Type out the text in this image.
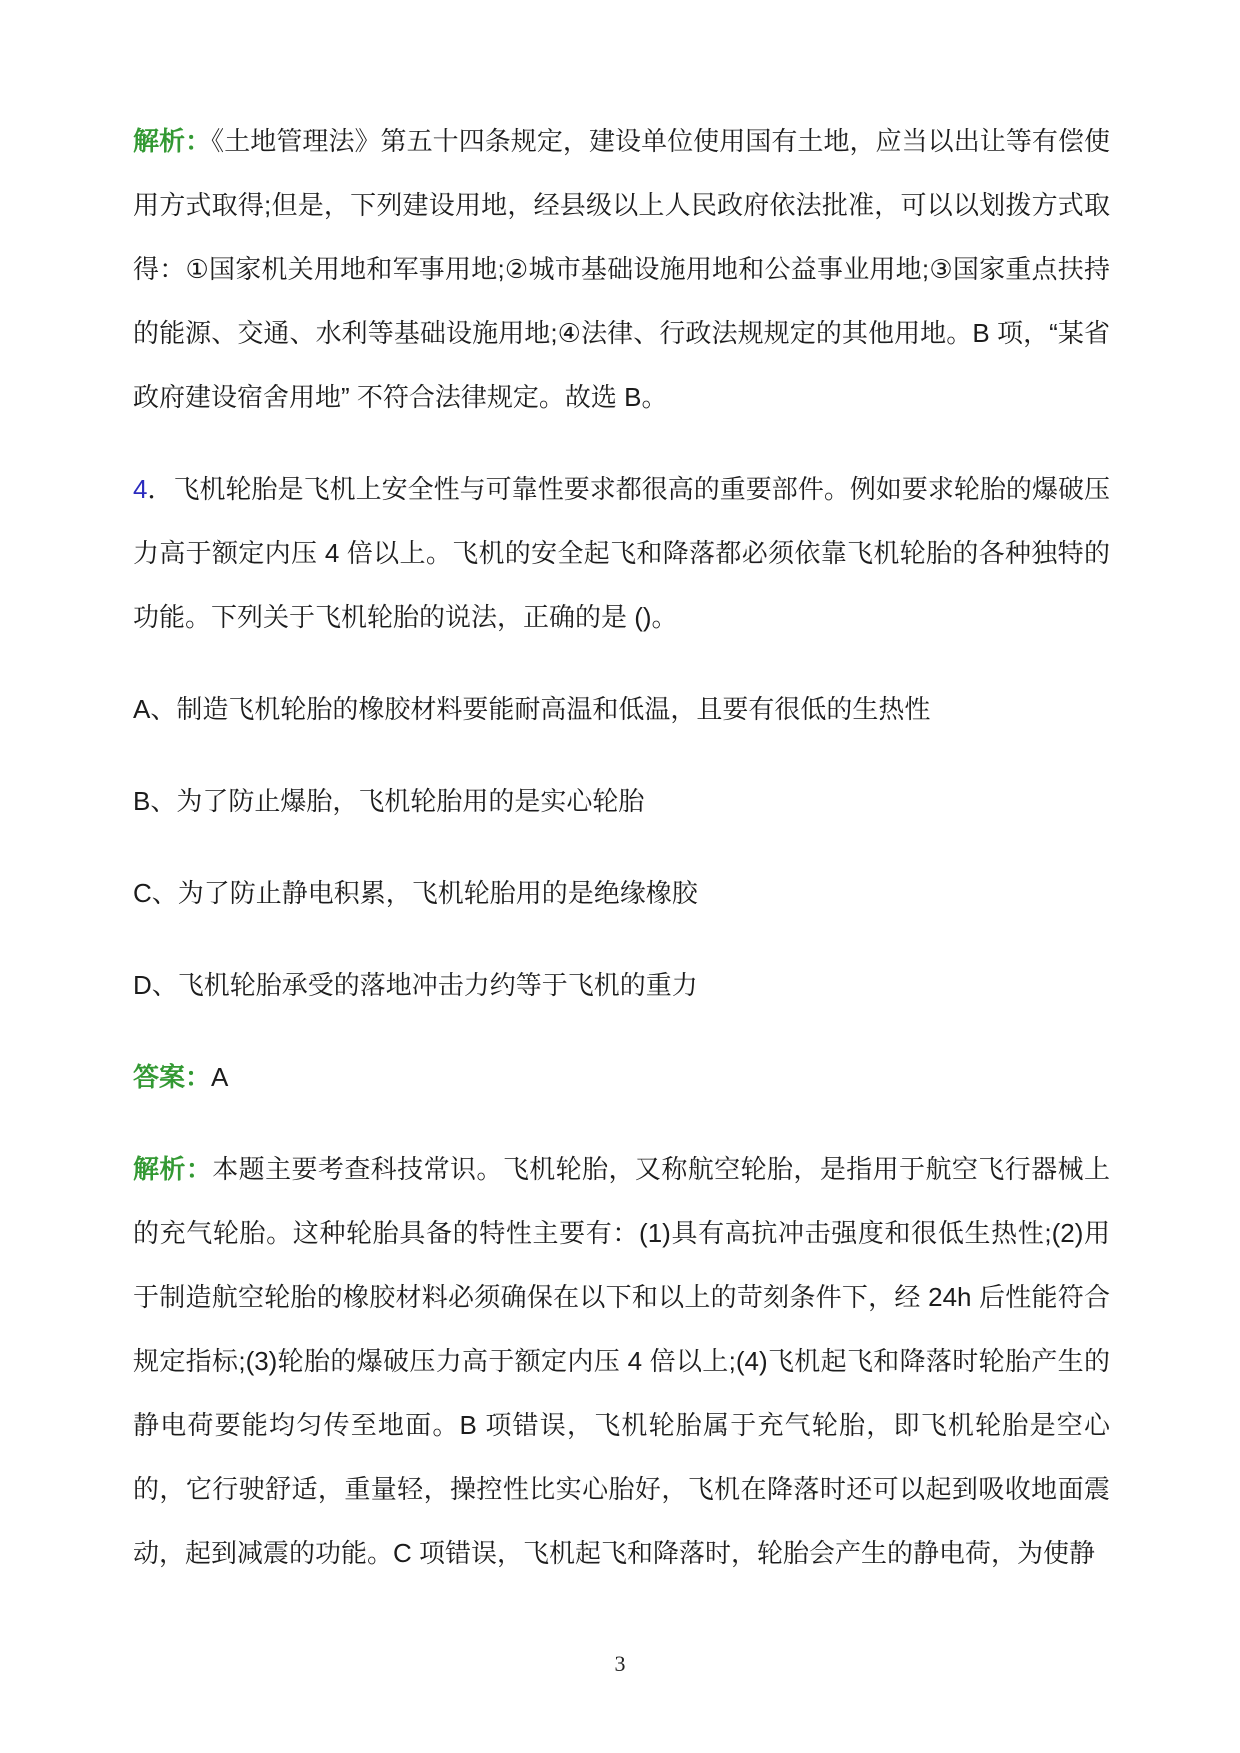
解析：《土地管理法》第五十四条规定，建设单位使用国有土地，应当以出让等有偿使用方式取得;但是，下列建设用地，经县级以上人民政府依法批准，可以以划拨方式取得：①国家机关用地和军事用地;②城市基础设施用地和公益事业用地;③国家重点扶持的能源、交通、水利等基础设施用地;④法律、行政法规规定的其他用地。B 项，“某省政府建设宿舍用地” 不符合法律规定。故选 B。

4．飞机轮胎是飞机上安全性与可靠性要求都很高的重要部件。例如要求轮胎的爆破压力高于额定内压 4 倍以上。飞机的安全起飞和降落都必须依靠飞机轮胎的各种独特的功能。下列关于飞机轮胎的说法，正确的是 ()。

A、制造飞机轮胎的橡胶材料要能耐高温和低温，且要有很低的生热性

B、为了防止爆胎，飞机轮胎用的是实心轮胎

C、为了防止静电积累，飞机轮胎用的是绝缘橡胶

D、飞机轮胎承受的落地冲击力约等于飞机的重力

答案：A

解析：本题主要考查科技常识。飞机轮胎，又称航空轮胎，是指用于航空飞行器械上的充气轮胎。这种轮胎具备的特性主要有：(1)具有高抗冲击强度和很低生热性;(2)用于制造航空轮胎的橡胶材料必须确保在以下和以上的苛刻条件下，经 24h 后性能符合规定指标;(3)轮胎的爆破压力高于额定内压 4 倍以上;(4)飞机起飞和降落时轮胎产生的静电荷要能均匀传至地面。B 项错误，飞机轮胎属于充气轮胎，即飞机轮胎是空心的，它行驶舒适，重量轻，操控性比实心胎好，飞机在降落时还可以起到吸收地面震动，起到减震的功能。C 项错误，飞机起飞和降落时，轮胎会产生的静电荷，为使静

3
